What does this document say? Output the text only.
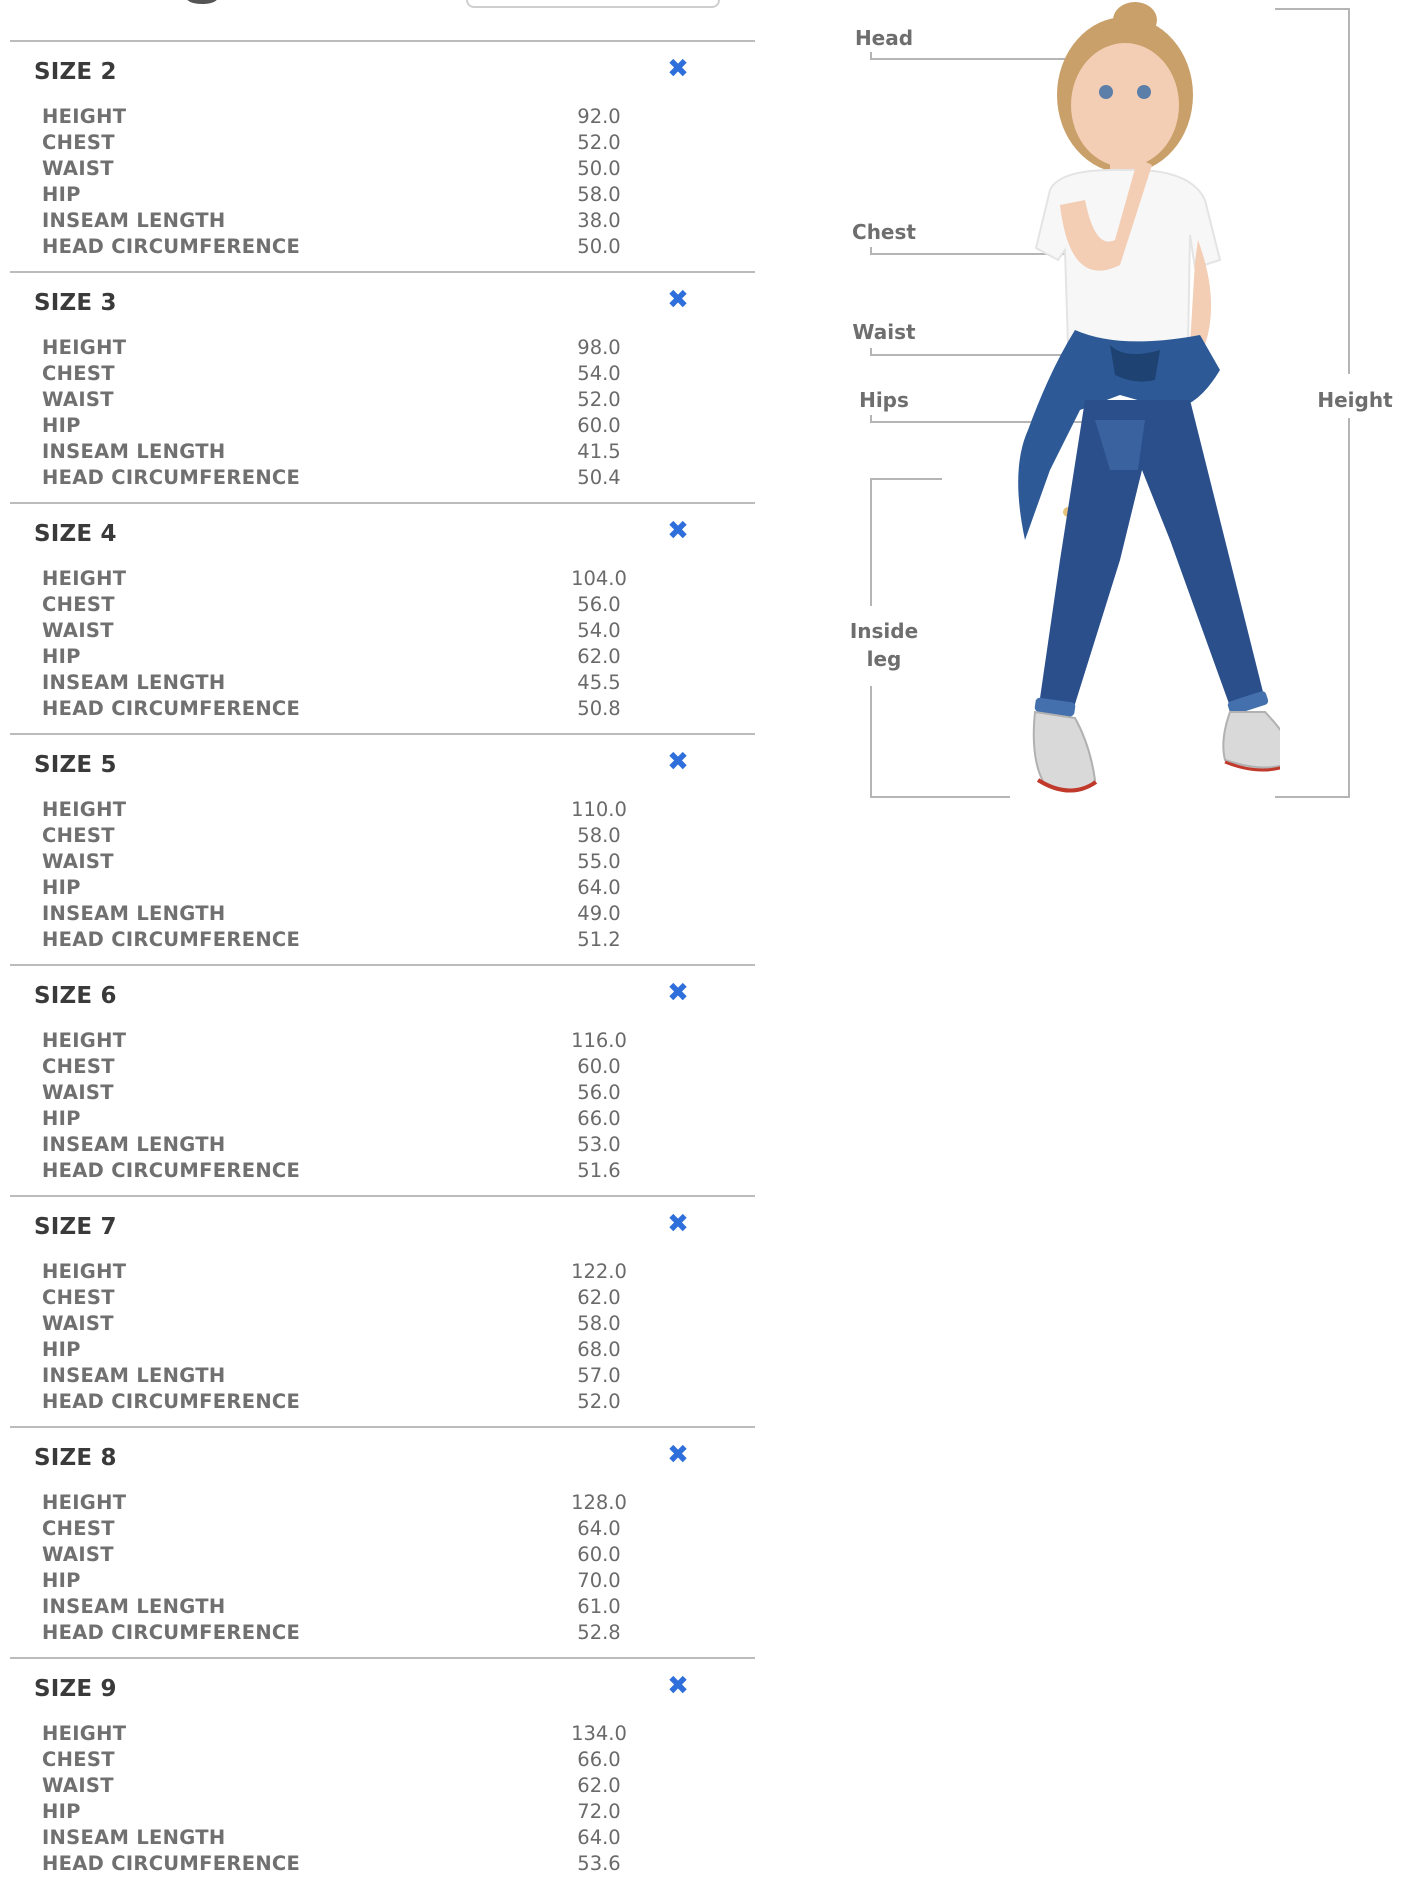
SIZE 2	✖
HEIGHT	92.0
CHEST	52.0
WAIST	50.0
HIP	58.0
INSEAM LENGTH	38.0
HEAD CIRCUMFERENCE	50.0
SIZE 3	✖
HEIGHT	98.0
CHEST	54.0
WAIST	52.0
HIP	60.0
INSEAM LENGTH	41.5
HEAD CIRCUMFERENCE	50.4
SIZE 4	✖
HEIGHT	104.0
CHEST	56.0
WAIST	54.0
HIP	62.0
INSEAM LENGTH	45.5
HEAD CIRCUMFERENCE	50.8
SIZE 5	✖
HEIGHT	110.0
CHEST	58.0
WAIST	55.0
HIP	64.0
INSEAM LENGTH	49.0
HEAD CIRCUMFERENCE	51.2
SIZE 6	✖
HEIGHT	116.0
CHEST	60.0
WAIST	56.0
HIP	66.0
INSEAM LENGTH	53.0
HEAD CIRCUMFERENCE	51.6
SIZE 7	✖
HEIGHT	122.0
CHEST	62.0
WAIST	58.0
HIP	68.0
INSEAM LENGTH	57.0
HEAD CIRCUMFERENCE	52.0
SIZE 8	✖
HEIGHT	128.0
CHEST	64.0
WAIST	60.0
HIP	70.0
INSEAM LENGTH	61.0
HEAD CIRCUMFERENCE	52.8
SIZE 9	✖
HEIGHT	134.0
CHEST	66.0
WAIST	62.0
HIP	72.0
INSEAM LENGTH	64.0
HEAD CIRCUMFERENCE	53.6
Head
Chest
Waist
Hips
Inside
leg
Height
